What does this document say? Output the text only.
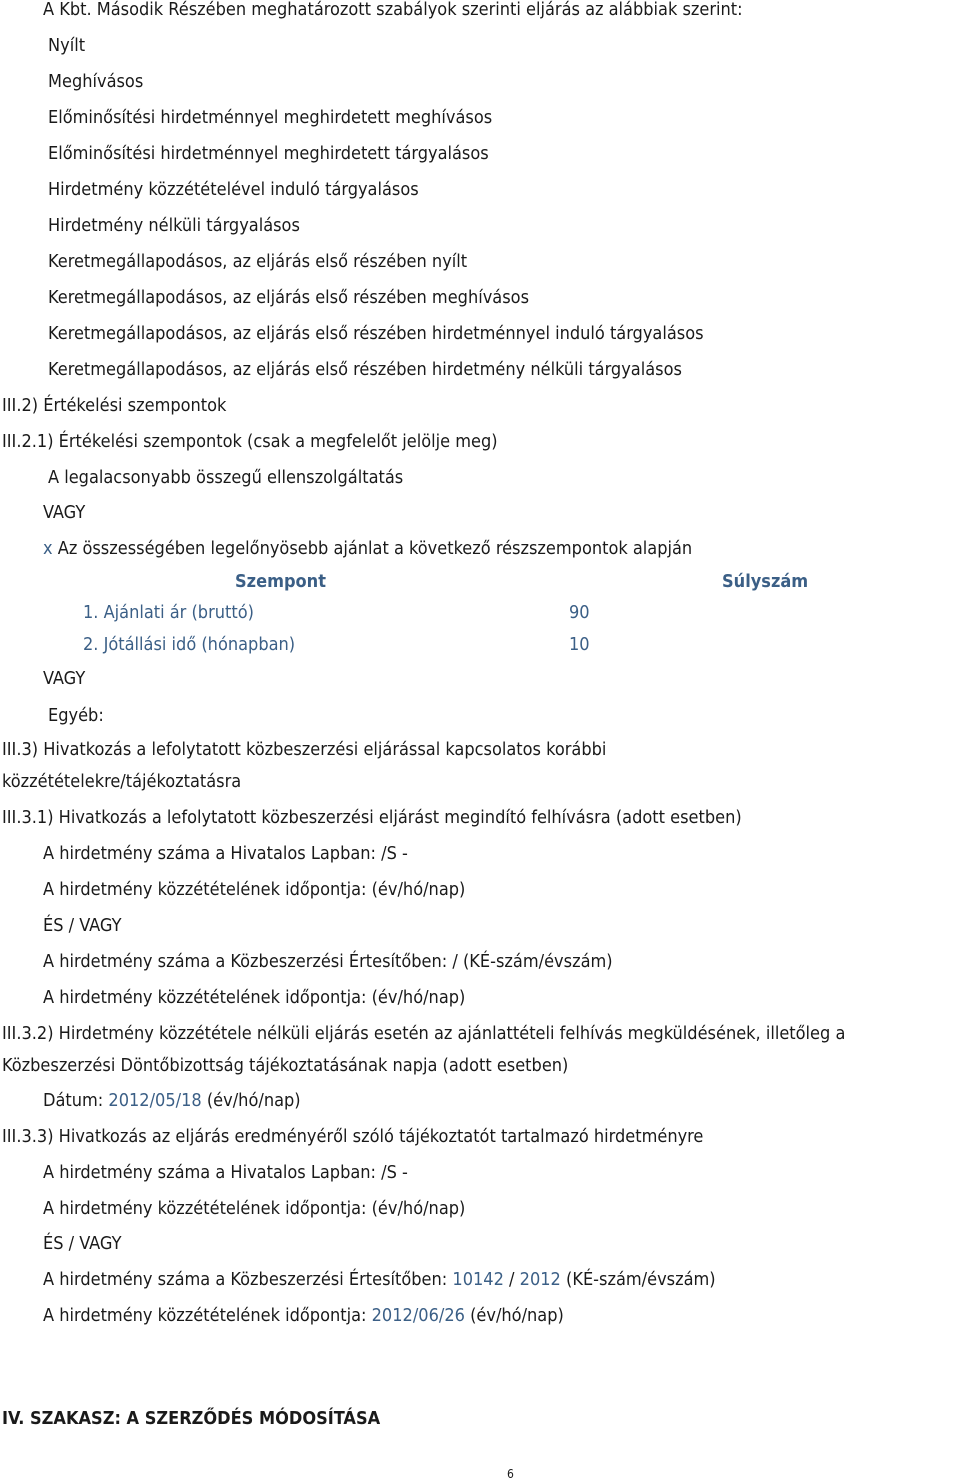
A Kbt. Második Részében meghatározott szabályok szerinti eljárás az alábbiak szerint:
Nyílt
Meghívásos
Előminősítési hirdetménnyel meghirdetett meghívásos
Előminősítési hirdetménnyel meghirdetett tárgyalásos
Hirdetmény közzétételével induló tárgyalásos
Hirdetmény nélküli tárgyalásos
Keretmegállapodásos, az eljárás első részében nyílt
Keretmegállapodásos, az eljárás első részében meghívásos
Keretmegállapodásos, az eljárás első részében hirdetménnyel induló tárgyalásos
Keretmegállapodásos, az eljárás első részében hirdetmény nélküli tárgyalásos
III.2) Értékelési szempontok
III.2.1) Értékelési szempontok (csak a megfelelőt jelölje meg)
A legalacsonyabb összegű ellenszolgáltatás
VAGY
x Az összességében legelőnyösebb ajánlat a következő részszempontok alapján
Szempont	Súlyszám
1. Ajánlati ár (bruttó)	90
2. Jótállási idő (hónapban)	10
VAGY
Egyéb:
III.3) Hivatkozás a lefolytatott közbeszerzési eljárással kapcsolatos korábbi
közzétételekre/tájékoztatásra
III.3.1) Hivatkozás a lefolytatott közbeszerzési eljárást megindító felhívásra (adott esetben)
A hirdetmény száma a Hivatalos Lapban: /S -
A hirdetmény közzétételének időpontja: (év/hó/nap)
ÉS / VAGY
A hirdetmény száma a Közbeszerzési Értesítőben: / (KÉ-szám/évszám)
A hirdetmény közzétételének időpontja: (év/hó/nap)
III.3.2) Hirdetmény közzététele nélküli eljárás esetén az ajánlattételi felhívás megküldésének, illetőleg a
Közbeszerzési Döntőbizottság tájékoztatásának napja (adott esetben)
Dátum: 2012/05/18 (év/hó/nap)
III.3.3) Hivatkozás az eljárás eredményéről szóló tájékoztatót tartalmazó hirdetményre
A hirdetmény száma a Hivatalos Lapban: /S -
A hirdetmény közzétételének időpontja: (év/hó/nap)
ÉS / VAGY
A hirdetmény száma a Közbeszerzési Értesítőben: 10142 / 2012 (KÉ-szám/évszám)
A hirdetmény közzétételének időpontja: 2012/06/26 (év/hó/nap)
IV. SZAKASZ: A SZERZŐDÉS MÓDOSÍTÁSA
6
